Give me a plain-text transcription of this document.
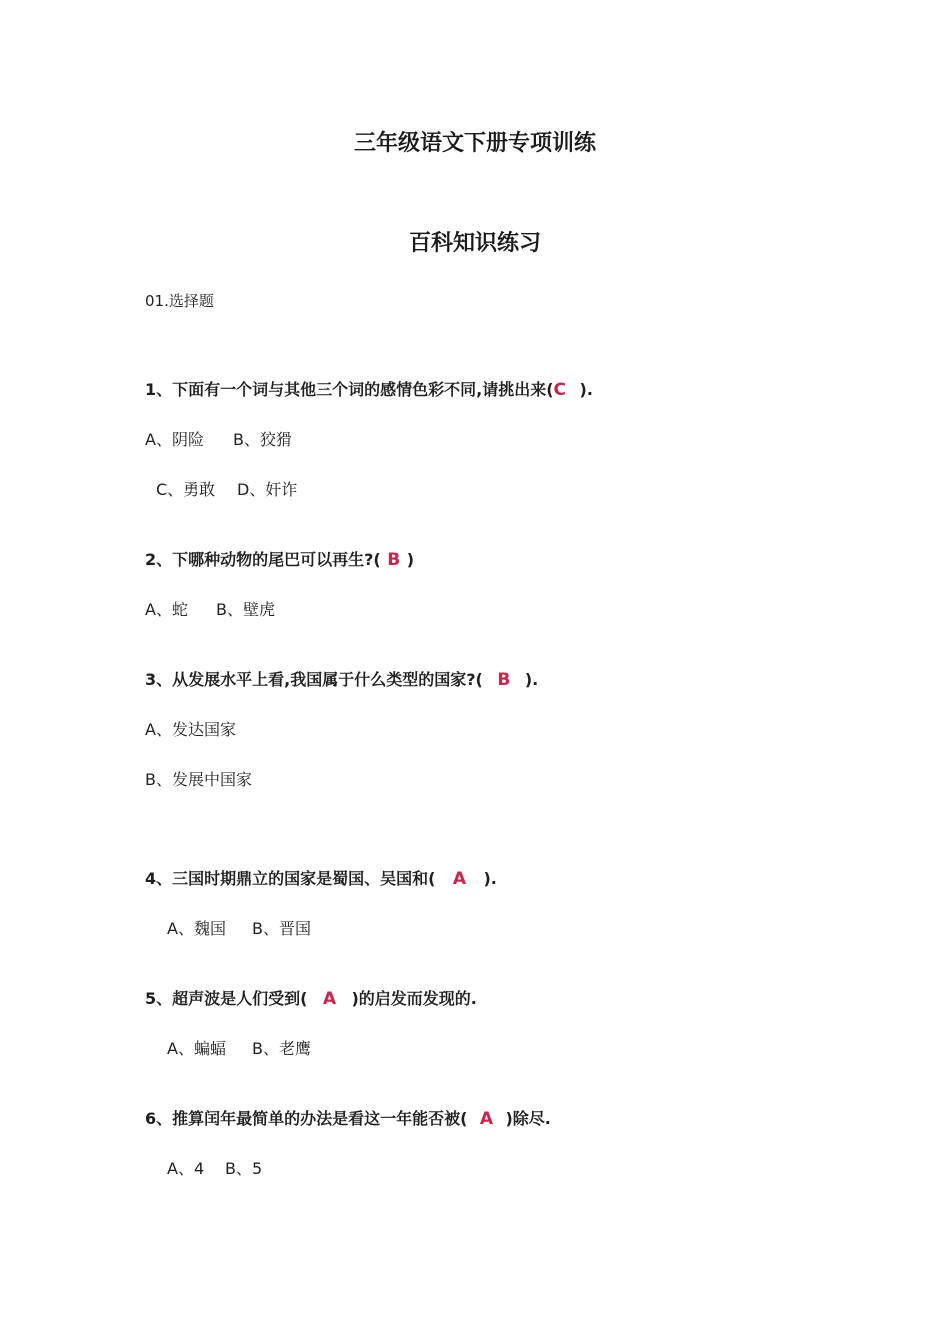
三年级语文下册专项训练
百科知识练习
01.选择题
1、下面有一个词与其他三个词的感情色彩不同,请挑出来(C ).
A、阴险 B、狡猾
C、勇敢 D、奸诈
2、下哪种动物的尾巴可以再生?( B )
A、蛇 B、壁虎
3、从发展水平上看,我国属于什么类型的国家?( B ).
A、发达国家
B、发展中国家
4、三国时期鼎立的国家是蜀国、吴国和( A ).
A、魏国 B、晋国
5、超声波是人们受到( A )的启发而发现的.
A、蝙蝠 B、老鹰
6、推算闰年最简单的办法是看这一年能否被( A )除尽.
A、4 B、5
